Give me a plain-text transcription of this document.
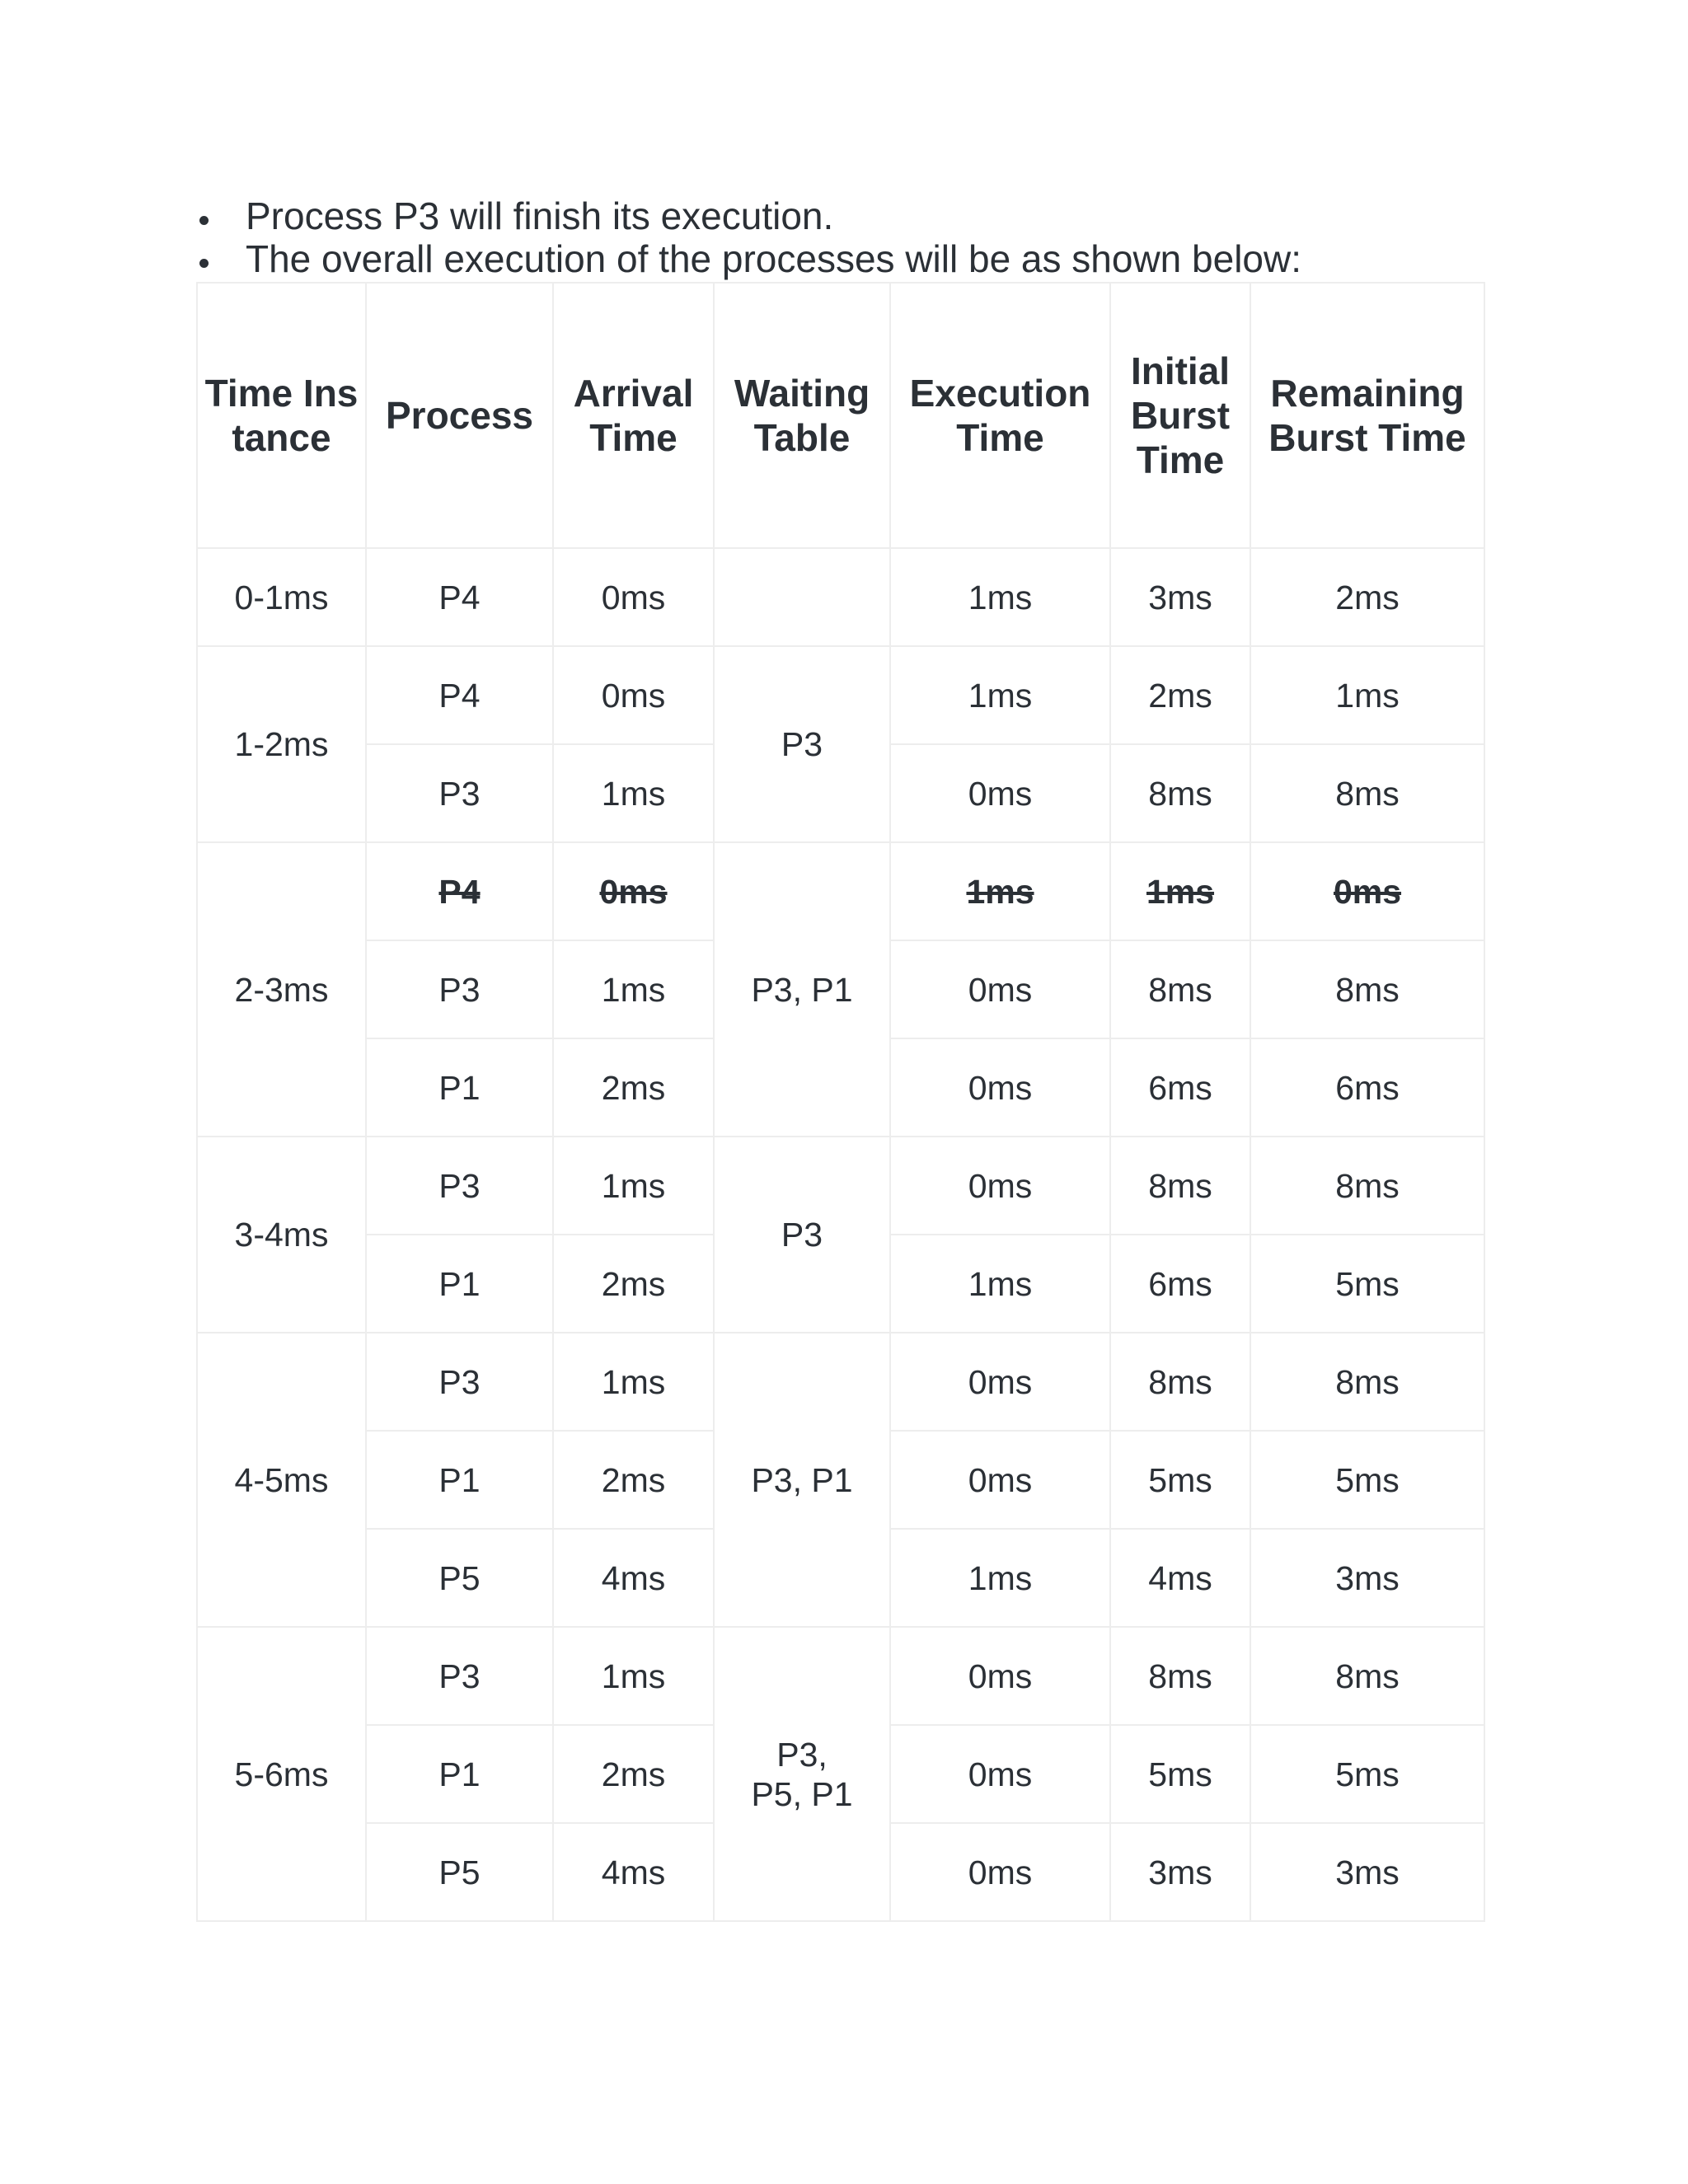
Process P3 will finish its execution.
The overall execution of the processes will be as shown below:
Time Instance	Process	Arrival Time	Waiting Table	Execution Time	Initial Burst Time	Remaining Burst Time
0-1ms	P4	0ms		1ms	3ms	2ms
1-2ms	P4	0ms	P3	1ms	2ms	1ms
	P3	1ms		0ms	8ms	8ms
2-3ms	P4	0ms	P3, P1	1ms	1ms	0ms
	P3	1ms		0ms	8ms	8ms
	P1	2ms		0ms	6ms	6ms
3-4ms	P3	1ms	P3	0ms	8ms	8ms
	P1	2ms		1ms	6ms	5ms
4-5ms	P3	1ms	P3, P1	0ms	8ms	8ms
	P1	2ms		0ms	5ms	5ms
	P5	4ms		1ms	4ms	3ms
5-6ms	P3	1ms	P3, P5, P1	0ms	8ms	8ms
	P1	2ms		0ms	5ms	5ms
	P5	4ms		0ms	3ms	3ms
